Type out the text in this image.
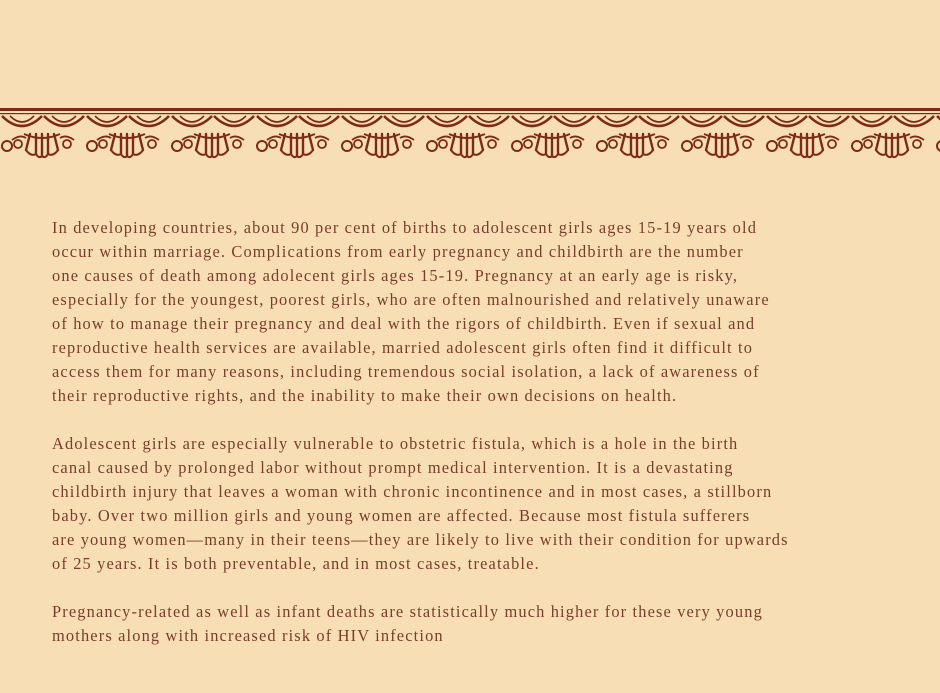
In developing countries, about 90 per cent of births to adolescent girls ages 15-19 years old
occur within marriage. Complications from early pregnancy and childbirth are the number
one causes of death among adolecent girls ages 15-19. Pregnancy at an early age is risky,
especially for the youngest, poorest girls, who are often malnourished and relatively unaware
of how to manage their pregnancy and deal with the rigors of childbirth. Even if sexual and
reproductive health services are available, married adolescent girls often find it difficult to
access them for many reasons, including tremendous social isolation, a lack of awareness of
their reproductive rights, and the inability to make their own decisions on health.

Adolescent girls are especially vulnerable to obstetric fistula, which is a hole in the birth
canal caused by prolonged labor without prompt medical intervention. It is a devastating
childbirth injury that leaves a woman with chronic incontinence and in most cases, a stillborn
baby. Over two million girls and young women are affected. Because most fistula sufferers
are young women—many in their teens—they are likely to live with their condition for upwards
of 25 years. It is both preventable, and in most cases, treatable.

Pregnancy-related as well as infant deaths are statistically much higher for these very young
mothers along with increased risk of HIV infection
